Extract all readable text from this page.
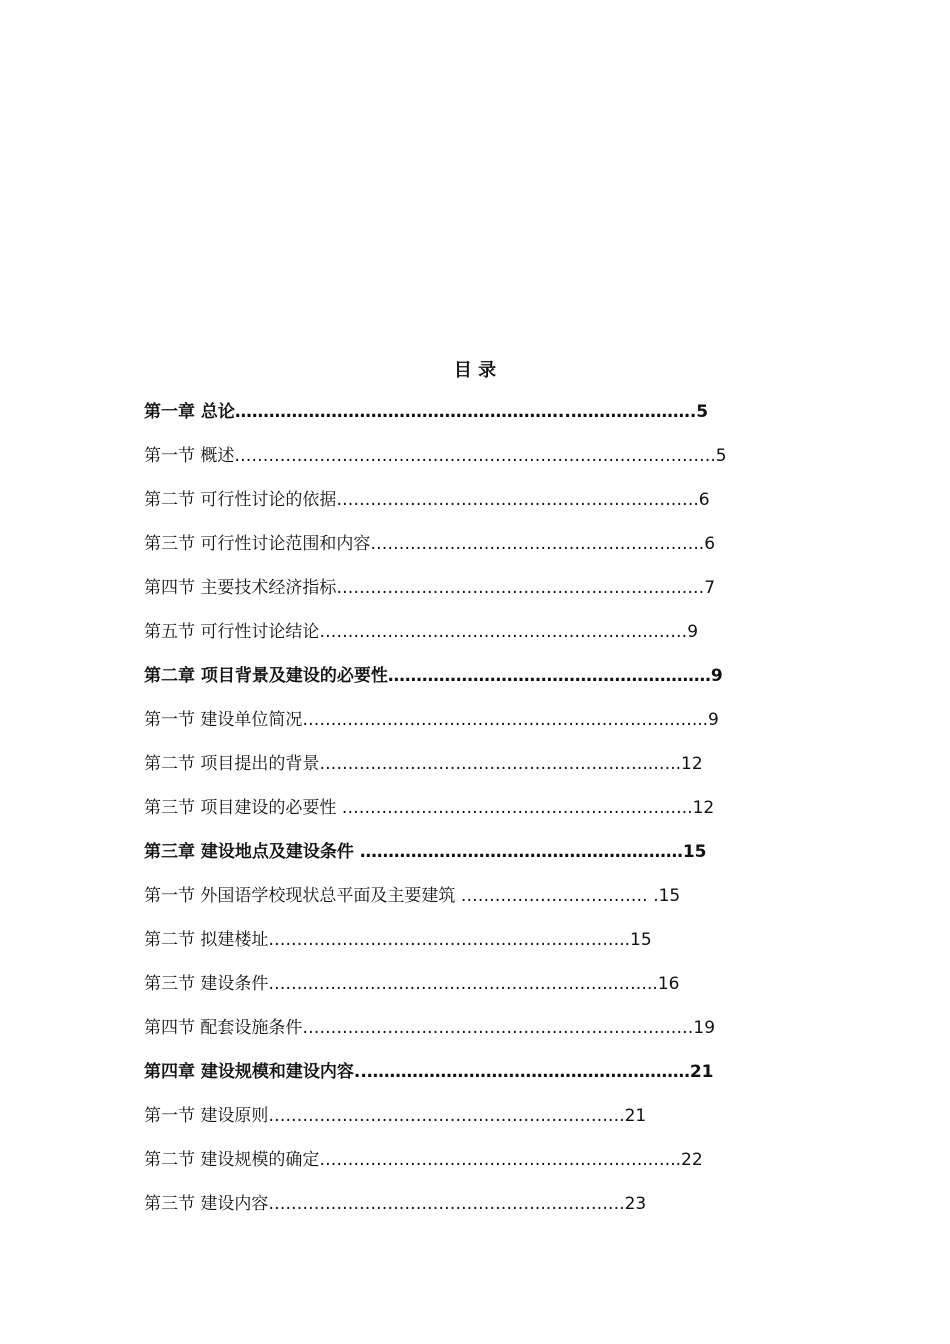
目 录
第一章 总论…………………………………………………..………………….5
第一节 概述………………………………………………………………………….5
第二节 可行性讨论的依据……………………………………………………….6
第三节 可行性讨论范围和内容…………………………………………………..6
第四节 主要技术经济指标……………………………………………………..…7
第五节 可行性讨论结论…………………………………………………..……9
第二章 项目背景及建设的必要性…………………………………………………9
第一节 建设单位简况……..……………………………………..…………..…...9
第二节 项目提出的背景…………………………………………………..…..12
第三节 项目建设的必要性 ……………………………………………………..12
第三章 建设地点及建设条件 …………………………………………………15
第一节 外国语学校现状总平面及主要建筑 …………………………… .15
第二节 拟建楼址…………………………………………..…………..15
第三节 建设条件……..……………………………………………..……..16
第四节 配套设施条件……………………………………………………………19
第四章 建设规模和建设内容..…………………………………………………21
第一节 建设原则…………………………………………..………….21
第二节 建设规模的确定…………………………………………………..…..22
第三节 建设内容…………………………………………..………….23
